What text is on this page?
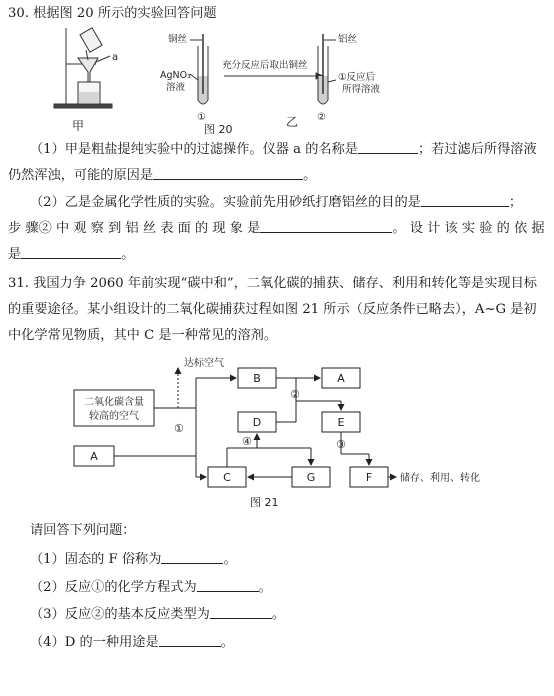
30. 根据图 20 所示的实验回答问题
a
甲
铜丝
AgNO₃
溶液
①
充分反应后取出铜丝
铝丝
①反应后
所得溶液
②
图 20
乙
（1）甲是粗盐提纯实验中的过滤操作。仪器 a 的名称是	；若过滤后所得溶液
仍然浑浊，可能的原因是	。
（2）乙是金属化学性质的实验。实验前先用砂纸打磨铝丝的目的是	；
步 骤② 中 观 察 到 铝 丝 表 面 的 现 象 是	。 设 计 该 实 验 的 依 据
是	。
31. 我国力争 2060 年前实现“碳中和”，二氧化碳的捕获、储存、利用和转化等是实现目标
的重要途径。某小组设计的二氧化碳捕获过程如图 21 所示（反应条件已略去），A~G 是初
中化学常见物质，其中 C 是一种常见的溶剂。
二氧化碳含量
较高的空气
A
B	A
D	E
C	G	F
达标空气
①
②
③
④
储存、利用、转化
图 21
请回答下列问题：
（1）固态的 F 俗称为	。
（2）反应①的化学方程式为	。
（3）反应②的基本反应类型为	。
（4）D 的一种用途是	。
